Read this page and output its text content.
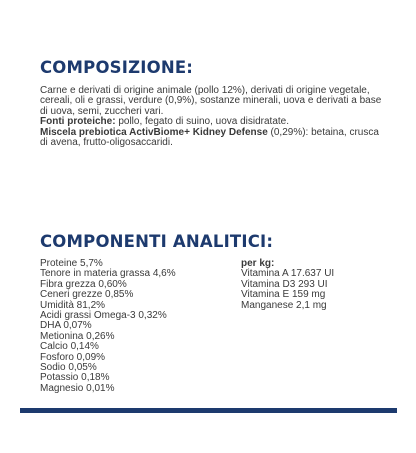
COMPOSIZIONE:

Carne e derivati di origine animale (pollo 12%), derivati di origine vegetale, cereali, oli e grassi, verdure (0,9%), sostanze minerali, uova e derivati a base di uova, semi, zuccheri vari.

Fonti proteiche: pollo, fegato di suino, uova disidratate.

Miscela prebiotica ActivBiome+ Kidney Defense (0,29%): betaina, crusca di avena, frutto-oligosaccaridi.

COMPONENTI ANALITICI:
Proteine 5,7%
Tenore in materia grassa 4,6%
Fibra grezza 0,60%
Ceneri grezze 0,85%
Umidità 81,2%
Acidi grassi Omega-3 0,32%
DHA 0,07%
Metionina 0,26%
Calcio 0,14%
Fosforo 0,09%
Sodio 0,05%
Potassio 0,18%
Magnesio 0,01%
per kg:
Vitamina A 17.637 UI
Vitamina D3 293 UI
Vitamina E 159 mg
Manganese 2,1 mg
